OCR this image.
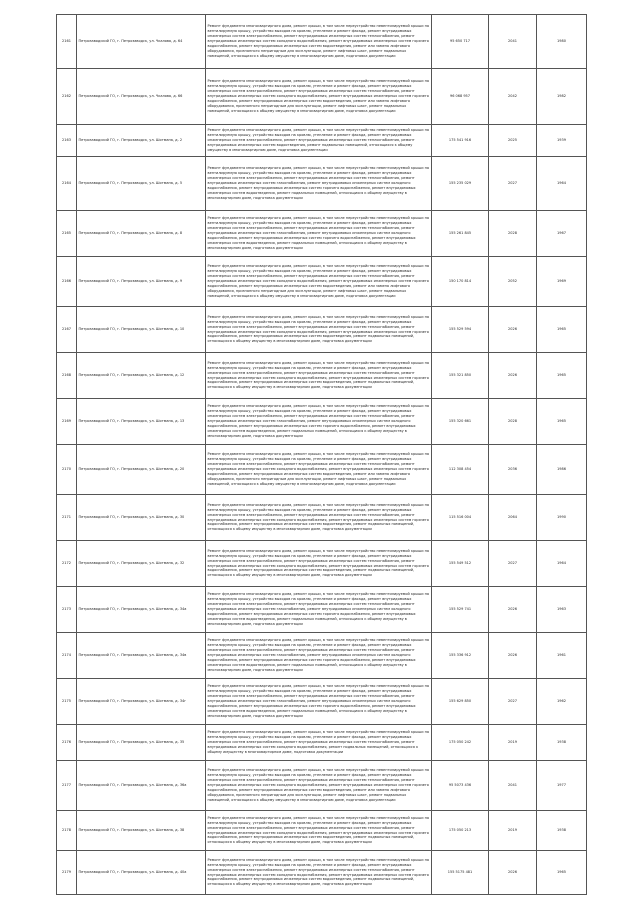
2161	Петрозаводский ГО, г. Петрозаводск, ул. Чкалова, д. 64	Ремонт фундамента многоквартирного дома, ремонт крыши, в том числе переустройство невентилируемой крыши на вентилируемую крышу, устройство выходов на кровлю, утепление и ремонт фасада, ремонт внутридомовых инженерных систем электроснабжения, ремонт внутридомовых инженерных систем теплоснабжения, ремонт внутридомовых инженерных систем холодного водоснабжения, ремонт внутридомовых инженерных систем горячего водоснабжения, ремонт внутридомовых инженерных систем водоотведения, ремонт или замена лифтового оборудования, признанного непригодным для эксплуатации, ремонт лифтовых шахт, ремонт подвальных помещений, относящихся к общему имуществу в многоквартирном доме, подготовка документации	95 650 717	2041	1980
2162	Петрозаводский ГО, г. Петрозаводск, ул. Чкалова, д. 66	Ремонт фундамента многоквартирного дома, ремонт крыши, в том числе переустройство невентилируемой крыши на вентилируемую крышу, устройство выходов на кровлю, утепление и ремонт фасада, ремонт внутридомовых инженерных систем электроснабжения, ремонт внутридомовых инженерных систем теплоснабжения, ремонт внутридомовых инженерных систем холодного водоснабжения, ремонт внутридомовых инженерных систем горячего водоснабжения, ремонт внутридомовых инженерных систем водоотведения, ремонт или замена лифтового оборудования, признанного непригодным для эксплуатации, ремонт лифтовых шахт, ремонт подвальных помещений, относящихся к общему имуществу в многоквартирном доме, подготовка документации	96 068 957	2042	1982
2163	Петрозаводский ГО, г. Петрозаводск, ул. Шотмана, д. 2	Ремонт фундамента многоквартирного дома, ремонт крыши, в том числе переустройство невентилируемой крыши на вентилируемую крышу, устройство выходов на кровлю, утепление и ремонт фасада, ремонт внутридомовых инженерных систем электроснабжения, ремонт внутридомовых инженерных систем теплоснабжения, ремонт внутридомовых инженерных систем водоотведения, ремонт подвальных помещений, относящихся к общему имуществу в многоквартирном доме, подготовка документации	175 541 916	2025	1939
2164	Петрозаводский ГО, г. Петрозаводск, ул. Шотмана, д. 5	Ремонт фундамента многоквартирного дома, ремонт крыши, в том числе переустройство невентилируемой крыши на вентилируемую крышу, устройство выходов на кровлю, утепление и ремонт фасада, ремонт внутридомовых инженерных систем электроснабжения, ремонт внутридомовых инженерных систем теплоснабжения, ремонт внутридомовых инженерных систем газоснабжения, ремонт внутридомовых инженерных систем холодного водоснабжения, ремонт внутридомовых инженерных систем горячего водоснабжения, ремонт внутридомовых инженерных систем водоотведения, ремонт подвальных помещений, относящихся к общему имуществу в многоквартирном доме, подготовка документации	155 235 029	2027	1964
2165	Петрозаводский ГО, г. Петрозаводск, ул. Шотмана, д. 8	Ремонт фундамента многоквартирного дома, ремонт крыши, в том числе переустройство невентилируемой крыши на вентилируемую крышу, устройство выходов на кровлю, утепление и ремонт фасада, ремонт внутридомовых инженерных систем электроснабжения, ремонт внутридомовых инженерных систем теплоснабжения, ремонт внутридомовых инженерных систем газоснабжения, ремонт внутридомовых инженерных систем холодного водоснабжения, ремонт внутридомовых инженерных систем горячего водоснабжения, ремонт внутридомовых инженерных систем водоотведения, ремонт подвальных помещений, относящихся к общему имуществу в многоквартирном доме, подготовка документации	155 261 845	2028	1967
2166	Петрозаводский ГО, г. Петрозаводск, ул. Шотмана, д. 9	Ремонт фундамента многоквартирного дома, ремонт крыши, в том числе переустройство невентилируемой крыши на вентилируемую крышу, устройство выходов на кровлю, утепление и ремонт фасада, ремонт внутридомовых инженерных систем электроснабжения, ремонт внутридомовых инженерных систем теплоснабжения, ремонт внутридомовых инженерных систем холодного водоснабжения, ремонт внутридомовых инженерных систем горячего водоснабжения, ремонт внутридомовых инженерных систем водоотведения, ремонт или замена лифтового оборудования, признанного непригодным для эксплуатации, ремонт лифтовых шахт, ремонт подвальных помещений, относящихся к общему имуществу в многоквартирном доме, подготовка документации	150 170 814	2052	1969
2167	Петрозаводский ГО, г. Петрозаводск, ул. Шотмана, д. 10	Ремонт фундамента многоквартирного дома, ремонт крыши, в том числе переустройство невентилируемой крыши на вентилируемую крышу, устройство выходов на кровлю, утепление и ремонт фасада, ремонт внутридомовых инженерных систем электроснабжения, ремонт внутридомовых инженерных систем теплоснабжения, ремонт внутридомовых инженерных систем холодного водоснабжения, ремонт внутридомовых инженерных систем горячего водоснабжения, ремонт внутридомовых инженерных систем водоотведения, ремонт подвальных помещений, относящихся к общему имуществу в многоквартирном доме, подготовка документации	155 529 594	2026	1965
2168	Петрозаводский ГО, г. Петрозаводск, ул. Шотмана, д. 12	Ремонт фундамента многоквартирного дома, ремонт крыши, в том числе переустройство невентилируемой крыши на вентилируемую крышу, устройство выходов на кровлю, утепление и ремонт фасада, ремонт внутридомовых инженерных систем электроснабжения, ремонт внутридомовых инженерных систем теплоснабжения, ремонт внутридомовых инженерных систем холодного водоснабжения, ремонт внутридомовых инженерных систем горячего водоснабжения, ремонт внутридомовых инженерных систем водоотведения, ремонт подвальных помещений, относящихся к общему имуществу в многоквартирном доме, подготовка документации	155 321 850	2026	1965
2169	Петрозаводский ГО, г. Петрозаводск, ул. Шотмана, д. 13	Ремонт фундамента многоквартирного дома, ремонт крыши, в том числе переустройство невентилируемой крыши на вентилируемую крышу, устройство выходов на кровлю, утепление и ремонт фасада, ремонт внутридомовых инженерных систем электроснабжения, ремонт внутридомовых инженерных систем теплоснабжения, ремонт внутридомовых инженерных систем газоснабжения, ремонт внутридомовых инженерных систем холодного водоснабжения, ремонт внутридомовых инженерных систем горячего водоснабжения, ремонт внутридомовых инженерных систем водоотведения, ремонт подвальных помещений, относящихся к общему имуществу в многоквартирном доме, подготовка документации	155 320 661	2028	1965
2170	Петрозаводский ГО, г. Петрозаводск, ул. Шотмана, д. 20	Ремонт фундамента многоквартирного дома, ремонт крыши, в том числе переустройство невентилируемой крыши на вентилируемую крышу, устройство выходов на кровлю, утепление и ремонт фасада, ремонт внутридомовых инженерных систем электроснабжения, ремонт внутридомовых инженерных систем теплоснабжения, ремонт внутридомовых инженерных систем холодного водоснабжения, ремонт внутридомовых инженерных систем горячего водоснабжения, ремонт внутридомовых инженерных систем водоотведения, ремонт или замена лифтового оборудования, признанного непригодным для эксплуатации, ремонт лифтовых шахт, ремонт подвальных помещений, относящихся к общему имуществу в многоквартирном доме, подготовка документации	112 308 454	2036	1986
2171	Петрозаводский ГО, г. Петрозаводск, ул. Шотмана, д. 30	Ремонт фундамента многоквартирного дома, ремонт крыши, в том числе переустройство невентилируемой крыши на вентилируемую крышу, устройство выходов на кровлю, утепление и ремонт фасада, ремонт внутридомовых инженерных систем электроснабжения, ремонт внутридомовых инженерных систем теплоснабжения, ремонт внутридомовых инженерных систем холодного водоснабжения, ремонт внутридомовых инженерных систем горячего водоснабжения, ремонт внутридомовых инженерных систем водоотведения, ремонт подвальных помещений, относящихся к общему имуществу в многоквартирном доме, подготовка документации	115 516 004	2064	1990
2172	Петрозаводский ГО, г. Петрозаводск, ул. Шотмана, д. 32	Ремонт фундамента многоквартирного дома, ремонт крыши, в том числе переустройство невентилируемой крыши на вентилируемую крышу, устройство выходов на кровлю, утепление и ремонт фасада, ремонт внутридомовых инженерных систем электроснабжения, ремонт внутридомовых инженерных систем теплоснабжения, ремонт внутридомовых инженерных систем холодного водоснабжения, ремонт внутридомовых инженерных систем горячего водоснабжения, ремонт внутридомовых инженерных систем водоотведения, ремонт подвальных помещений, относящихся к общему имуществу в многоквартирном доме, подготовка документации	155 549 512	2027	1964
2173	Петрозаводский ГО, г. Петрозаводск, ул. Шотмана, д. 34а	Ремонт фундамента многоквартирного дома, ремонт крыши, в том числе переустройство невентилируемой крыши на вентилируемую крышу, устройство выходов на кровлю, утепление и ремонт фасада, ремонт внутридомовых инженерных систем электроснабжения, ремонт внутридомовых инженерных систем теплоснабжения, ремонт внутридомовых инженерных систем газоснабжения, ремонт внутридомовых инженерных систем холодного водоснабжения, ремонт внутридомовых инженерных систем горячего водоснабжения, ремонт внутридомовых инженерных систем водоотведения, ремонт подвальных помещений, относящихся к общему имуществу в многоквартирном доме, подготовка документации	155 529 741	2026	1963
2174	Петрозаводский ГО, г. Петрозаводск, ул. Шотмана, д. 34в	Ремонт фундамента многоквартирного дома, ремонт крыши, в том числе переустройство невентилируемой крыши на вентилируемую крышу, устройство выходов на кровлю, утепление и ремонт фасада, ремонт внутридомовых инженерных систем электроснабжения, ремонт внутридомовых инженерных систем теплоснабжения, ремонт внутридомовых инженерных систем газоснабжения, ремонт внутридомовых инженерных систем холодного водоснабжения, ремонт внутридомовых инженерных систем горячего водоснабжения, ремонт внутридомовых инженерных систем водоотведения, ремонт подвальных помещений, относящихся к общему имуществу в многоквартирном доме, подготовка документации	155 336 912	2026	1961
2175	Петрозаводский ГО, г. Петрозаводск, ул. Шотмана, д. 34г	Ремонт фундамента многоквартирного дома, ремонт крыши, в том числе переустройство невентилируемой крыши на вентилируемую крышу, устройство выходов на кровлю, утепление и ремонт фасада, ремонт внутридомовых инженерных систем электроснабжения, ремонт внутридомовых инженерных систем теплоснабжения, ремонт внутридомовых инженерных систем газоснабжения, ремонт внутридомовых инженерных систем холодного водоснабжения, ремонт внутридомовых инженерных систем горячего водоснабжения, ремонт внутридомовых инженерных систем водоотведения, ремонт подвальных помещений, относящихся к общему имуществу в многоквартирном доме, подготовка документации	155 629 850	2027	1962
2176	Петрозаводский ГО, г. Петрозаводск, ул. Шотмана, д. 35	Ремонт фундамента многоквартирного дома, ремонт крыши, в том числе переустройство невентилируемой крыши на вентилируемую крышу, устройство выходов на кровлю, утепление и ремонт фасада, ремонт внутридомовых инженерных систем электроснабжения, ремонт внутридомовых инженерных систем теплоснабжения, ремонт внутридомовых инженерных систем холодного водоснабжения, ремонт подвальных помещений, относящихся к общему имуществу в многоквартирном доме, подготовка документации	175 050 242	2019	1938
2177	Петрозаводский ГО, г. Петрозаводск, ул. Шотмана, д. 36а	Ремонт фундамента многоквартирного дома, ремонт крыши, в том числе переустройство невентилируемой крыши на вентилируемую крышу, устройство выходов на кровлю, утепление и ремонт фасада, ремонт внутридомовых инженерных систем электроснабжения, ремонт внутридомовых инженерных систем теплоснабжения, ремонт внутридомовых инженерных систем холодного водоснабжения, ремонт внутридомовых инженерных систем горячего водоснабжения, ремонт внутридомовых инженерных систем водоотведения, ремонт или замена лифтового оборудования, признанного непригодным для эксплуатации, ремонт лифтовых шахт, ремонт подвальных помещений, относящихся к общему имуществу в многоквартирном доме, подготовка документации	95 5073 436	2041	1977
2178	Петрозаводский ГО, г. Петрозаводск, ул. Шотмана, д. 38	Ремонт фундамента многоквартирного дома, ремонт крыши, в том числе переустройство невентилируемой крыши на вентилируемую крышу, устройство выходов на кровлю, утепление и ремонт фасада, ремонт внутридомовых инженерных систем электроснабжения, ремонт внутридомовых инженерных систем теплоснабжения, ремонт внутридомовых инженерных систем холодного водоснабжения, ремонт внутридомовых инженерных систем горячего водоснабжения, ремонт внутридомовых инженерных систем водоотведения, ремонт подвальных помещений, относящихся к общему имуществу в многоквартирном доме, подготовка документации	175 050 213	2019	1938
2179	Петрозаводский ГО, г. Петрозаводск, ул. Шотмана, д. 40а	Ремонт фундамента многоквартирного дома, ремонт крыши, в том числе переустройство невентилируемой крыши на вентилируемую крышу, устройство выходов на кровлю, утепление и ремонт фасада, ремонт внутридомовых инженерных систем электроснабжения, ремонт внутридомовых инженерных систем теплоснабжения, ремонт внутридомовых инженерных систем холодного водоснабжения, ремонт внутридомовых инженерных систем горячего водоснабжения, ремонт внутридомовых инженерных систем водоотведения, ремонт подвальных помещений, относящихся к общему имуществу в многоквартирном доме, подготовка документации	155 5175 481	2026	1965
